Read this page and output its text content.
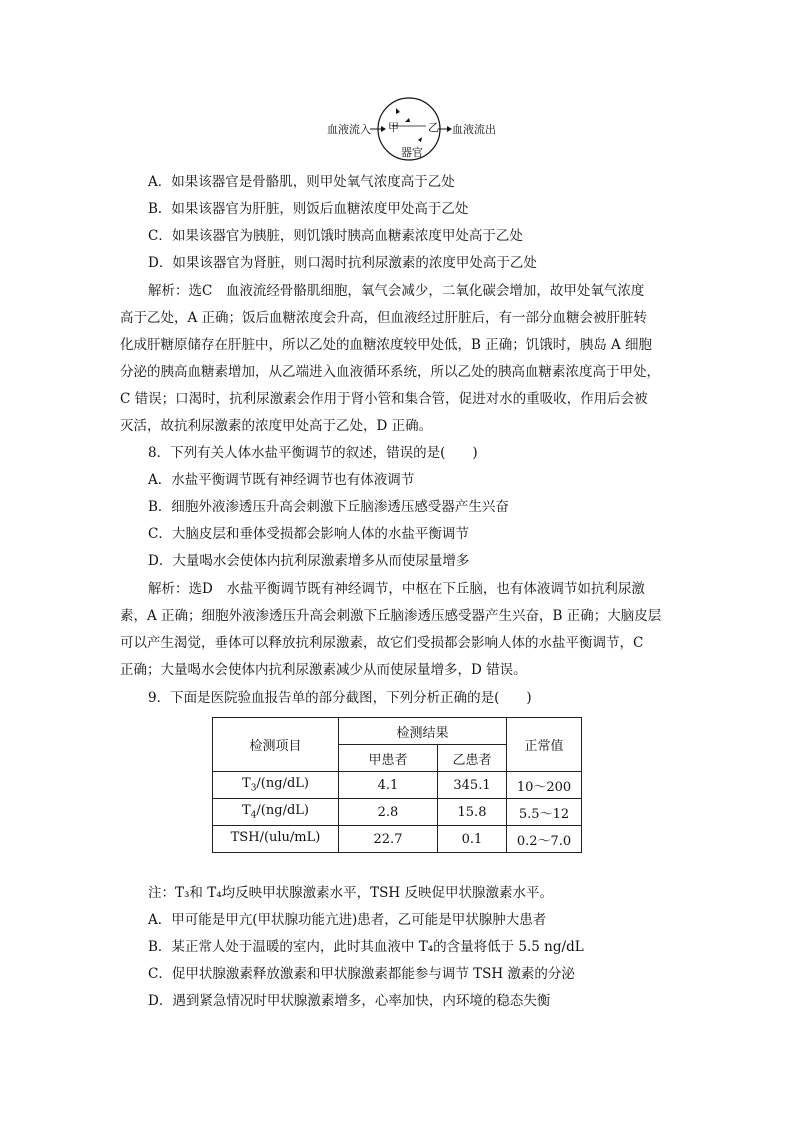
血液流入 甲	乙 血液流出
器官
A．如果该器官是骨骼肌，则甲处氧气浓度高于乙处
B．如果该器官为肝脏，则饭后血糖浓度甲处高于乙处
C．如果该器官为胰脏，则饥饿时胰高血糖素浓度甲处高于乙处
D．如果该器官为肾脏，则口渴时抗利尿激素的浓度甲处高于乙处
解析：选C　血液流经骨骼肌细胞，氧气会减少，二氧化碳会增加，故甲处氧气浓度
高于乙处，A 正确；饭后血糖浓度会升高，但血液经过肝脏后，有一部分血糖会被肝脏转
化成肝糖原储存在肝脏中，所以乙处的血糖浓度较甲处低，B 正确；饥饿时，胰岛 A 细胞
分泌的胰高血糖素增加，从乙端进入血液循环系统，所以乙处的胰高血糖素浓度高于甲处，
C 错误；口渴时，抗利尿激素会作用于肾小管和集合管，促进对水的重吸收，作用后会被
灭活，故抗利尿激素的浓度甲处高于乙处，D 正确。
8．下列有关人体水盐平衡调节的叙述，错误的是(　　)
A．水盐平衡调节既有神经调节也有体液调节
B．细胞外液渗透压升高会刺激下丘脑渗透压感受器产生兴奋
C．大脑皮层和垂体受损都会影响人体的水盐平衡调节
D．大量喝水会使体内抗利尿激素增多从而使尿量增多
解析：选D　水盐平衡调节既有神经调节，中枢在下丘脑，也有体液调节如抗利尿激
素，A 正确；细胞外液渗透压升高会刺激下丘脑渗透压感受器产生兴奋，B 正确；大脑皮层
可以产生渴觉，垂体可以释放抗利尿激素，故它们受损都会影响人体的水盐平衡调节，C
正确；大量喝水会使体内抗利尿激素减少从而使尿量增多，D 错误。
9．下面是医院验血报告单的部分截图，下列分析正确的是(　　)
检测项目	检测结果		正常值
	甲患者	乙患者	
$T_3/(ng/dL)$	4.1	345.1	10～200
$T_4/(ng/dL)$	2.8	15.8	5.5～12
TSH/(ulu/mL)	22.7	0.1	0.2～7.0
注：T₃和 T₄均反映甲状腺激素水平，TSH 反映促甲状腺激素水平。
A．甲可能是甲亢(甲状腺功能亢进)患者，乙可能是甲状腺肿大患者
B．某正常人处于温暖的室内，此时其血液中 T₄的含量将低于 5.5 ng/dL
C．促甲状腺激素释放激素和甲状腺激素都能参与调节 TSH 激素的分泌
D．遇到紧急情况时甲状腺激素增多，心率加快，内环境的稳态失衡
